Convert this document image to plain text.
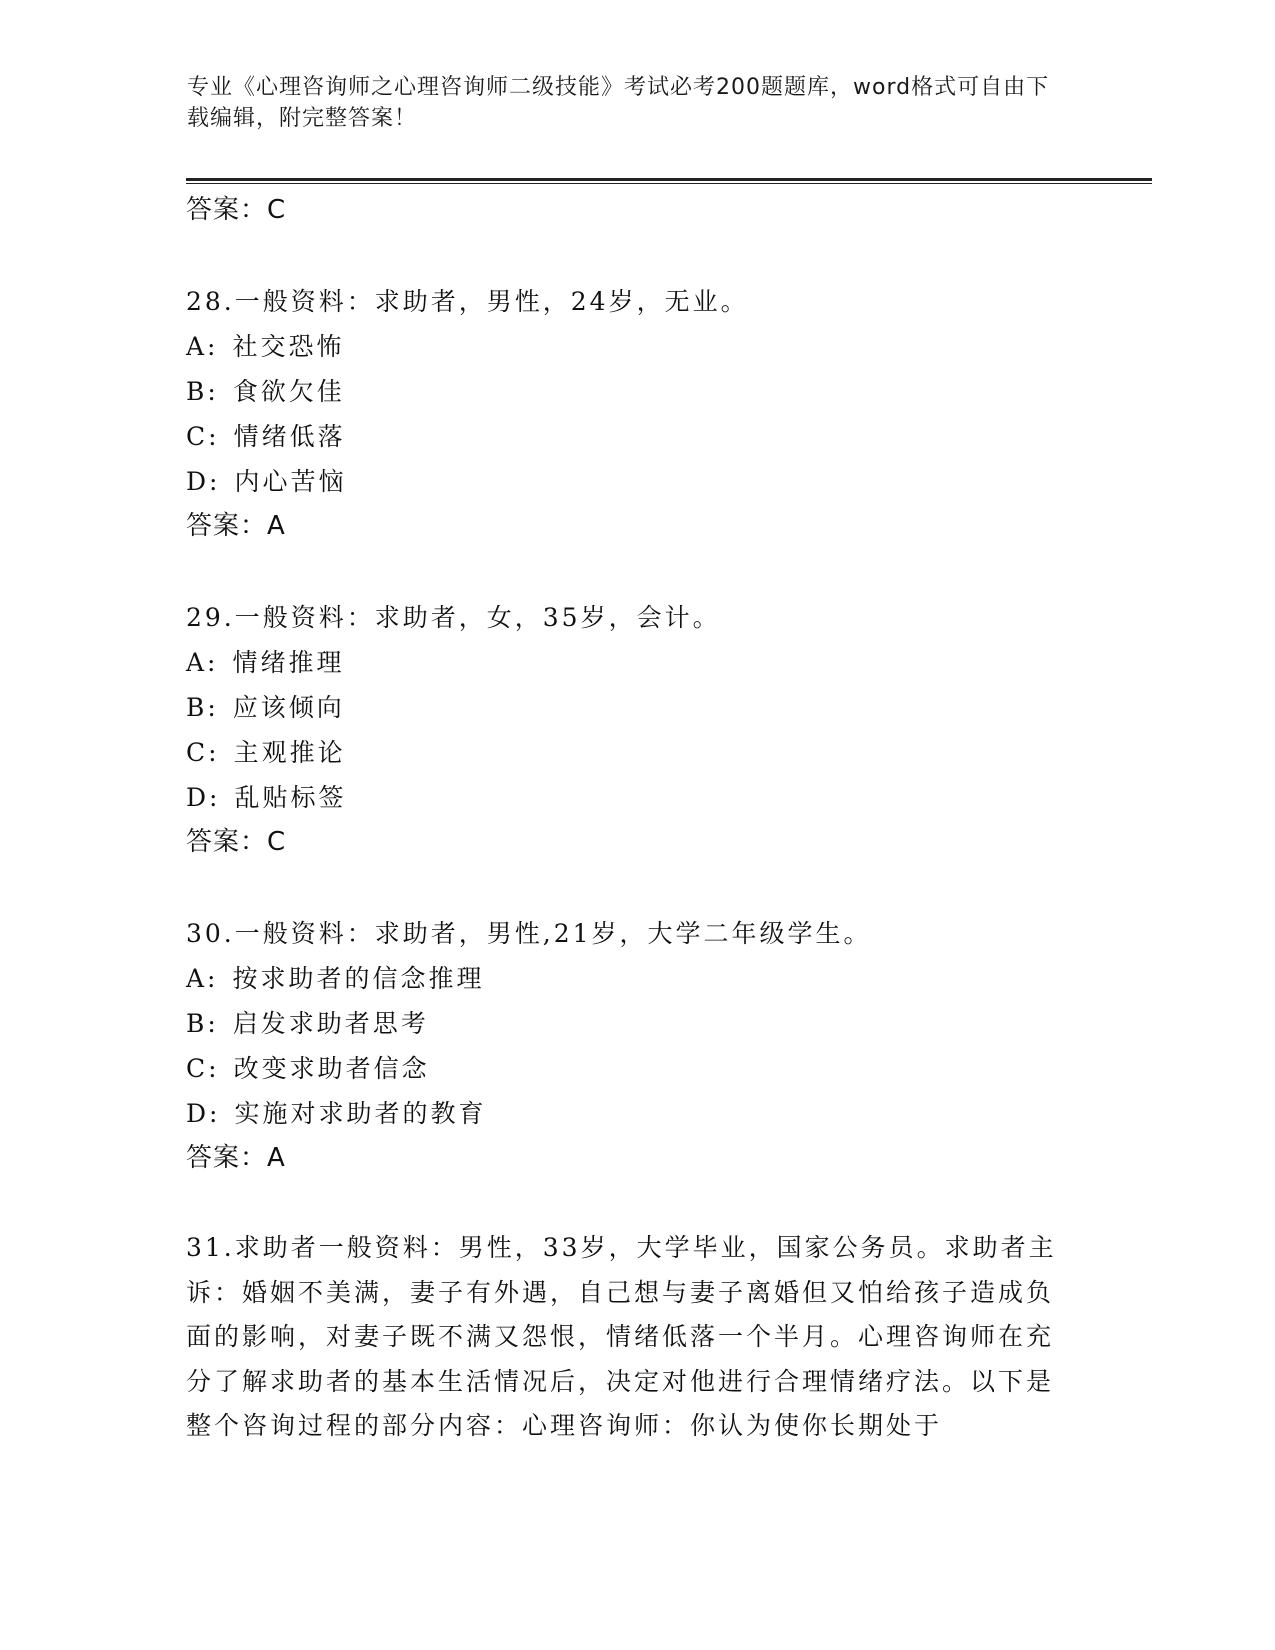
专业《心理咨询师之心理咨询师二级技能》考试必考200题题库，word格式可自由下载编辑，附完整答案！
答案：C
28.一般资料：求助者，男性，24岁，无业。
A: 社交恐怖
B: 食欲欠佳
C: 情绪低落
D: 内心苦恼
答案：A
29.一般资料：求助者，女，35岁，会计。
A: 情绪推理
B: 应该倾向
C: 主观推论
D: 乱贴标签
答案：C
30.一般资料：求助者，男性,21岁，大学二年级学生。
A: 按求助者的信念推理
B: 启发求助者思考
C: 改变求助者信念
D: 实施对求助者的教育
答案：A
31.求助者一般资料：男性，33岁，大学毕业，国家公务员。求助者主诉：婚姻不美满，妻子有外遇，自己想与妻子离婚但又怕给孩子造成负面的影响，对妻子既不满又怨恨，情绪低落一个半月。心理咨询师在充分了解求助者的基本生活情况后，决定对他进行合理情绪疗法。以下是整个咨询过程的部分内容：心理咨询师：你认为使你长期处于
